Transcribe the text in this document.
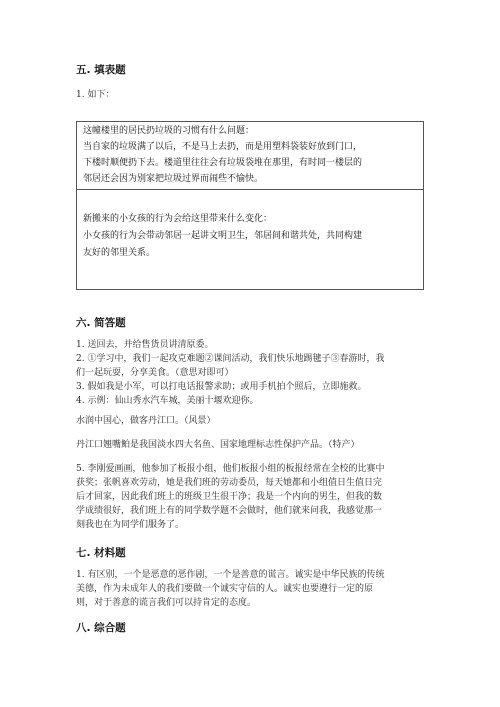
五. 填表题
1. 如下：
这幢楼里的居民扔垃圾的习惯有什么问题：
当自家的垃圾满了以后，不是马上去扔，而是用塑料袋装好放到门口，
下楼时顺便扔下去。楼道里往往会有垃圾袋堆在那里，有时同一楼层的
邻居还会因为别家把垃圾过界而闹些不愉快。
新搬来的小女孩的行为会给这里带来什么变化：
小女孩的行为会带动邻居一起讲文明卫生，邻居间和谐共处，共同构建
友好的邻里关系。
六. 简答题
1. 送回去，并给售货员讲清原委。
2. ①学习中，我们一起攻克难题②课间活动，我们快乐地踢毽子③春游时，我
们一起玩耍，分享美食。（意思对即可）
3. 假如我是小军，可以打电话报警求助；或用手机拍个照后，立即施救。
4. 示例：仙山秀水汽车城，美丽十堰欢迎你。
水润中国心，做客丹江口。（风景）
丹江口翘嘴鲌是我国淡水四大名鱼、国家地理标志性保护产品。（特产）
5. 李刚爱画画，他参加了板报小组，他们板报小组的板报经常在全校的比赛中
获奖；张帆喜欢劳动，她是我们班的劳动委员，每天她都和小组值日生值日完
后才回家，因此我们班上的班级卫生很干净；我是一个内向的男生，但我的数
学成绩很好，我们班上有的同学数学题不会做时，他们就来问我，我感觉那一
刻我也在为同学们服务了。
七. 材料题
1. 有区别，一个是恶意的恶作剧，一个是善意的谎言。诚实是中华民族的传统
美德，作为未成年人的我们要做一个诚实守信的人。诚实也要遵行一定的原
则，对于善意的谎言我们可以持肯定的态度。
八. 综合题
